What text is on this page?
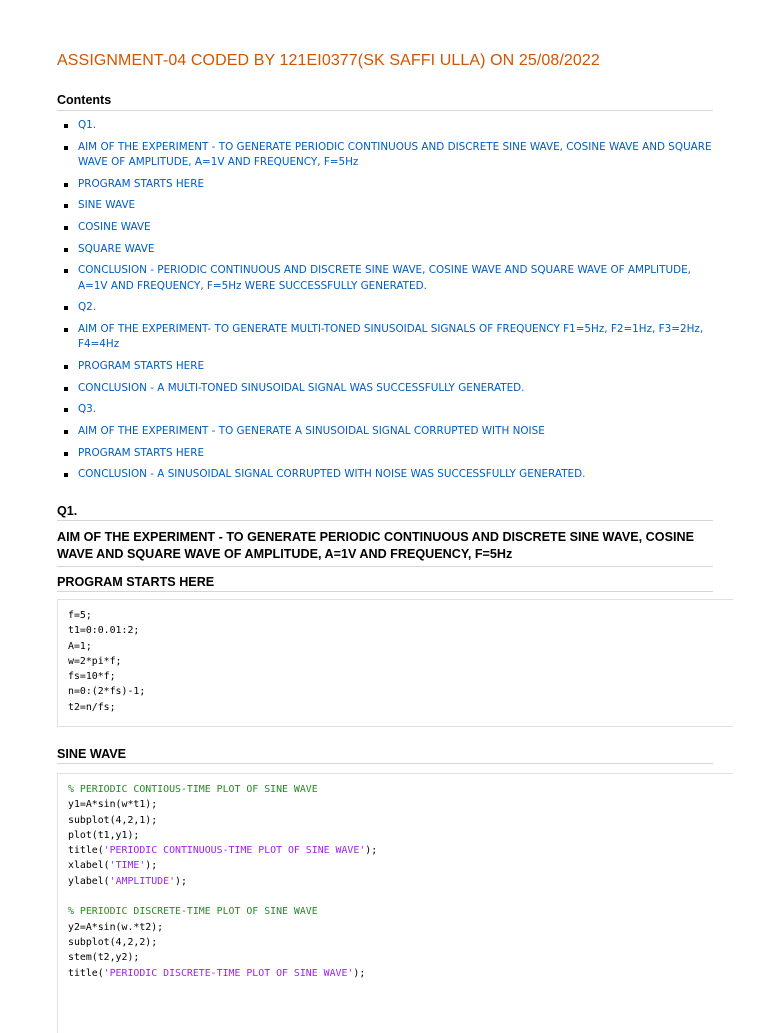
ASSIGNMENT-04 CODED BY 121EI0377(SK SAFFI ULLA) ON 25/08/2022
Contents
Q1.
AIM OF THE EXPERIMENT - TO GENERATE PERIODIC CONTINUOUS AND DISCRETE SINE WAVE, COSINE WAVE AND SQUARE WAVE OF AMPLITUDE, A=1V AND FREQUENCY, F=5Hz
PROGRAM STARTS HERE
SINE WAVE
COSINE WAVE
SQUARE WAVE
CONCLUSION - PERIODIC CONTINUOUS AND DISCRETE SINE WAVE, COSINE WAVE AND SQUARE WAVE OF AMPLITUDE, A=1V AND FREQUENCY, F=5Hz WERE SUCCESSFULLY GENERATED.
Q2.
AIM OF THE EXPERIMENT- TO GENERATE MULTI-TONED SINUSOIDAL SIGNALS OF FREQUENCY F1=5Hz, F2=1Hz, F3=2Hz, F4=4Hz
PROGRAM STARTS HERE
CONCLUSION - A MULTI-TONED SINUSOIDAL SIGNAL WAS SUCCESSFULLY GENERATED.
Q3.
AIM OF THE EXPERIMENT - TO GENERATE A SINUSOIDAL SIGNAL CORRUPTED WITH NOISE
PROGRAM STARTS HERE
CONCLUSION - A SINUSOIDAL SIGNAL CORRUPTED WITH NOISE WAS SUCCESSFULLY GENERATED.
Q1.
AIM OF THE EXPERIMENT - TO GENERATE PERIODIC CONTINUOUS AND DISCRETE SINE WAVE, COSINE WAVE AND SQUARE WAVE OF AMPLITUDE, A=1V AND FREQUENCY, F=5Hz
PROGRAM STARTS HERE
f=5;
t1=0:0.01:2;
A=1;
w=2*pi*f;
fs=10*f;
n=0:(2*fs)-1;
t2=n/fs;
SINE WAVE
% PERIODIC CONTIOUS-TIME PLOT OF SINE WAVE
y1=A*sin(w*t1);
subplot(4,2,1);
plot(t1,y1);
title('PERIODIC CONTINUOUS-TIME PLOT OF SINE WAVE');
xlabel('TIME');
ylabel('AMPLITUDE');
% PERIODIC DISCRETE-TIME PLOT OF SINE WAVE
y2=A*sin(w.*t2);
subplot(4,2,2);
stem(t2,y2);
title('PERIODIC DISCRETE-TIME PLOT OF SINE WAVE');
